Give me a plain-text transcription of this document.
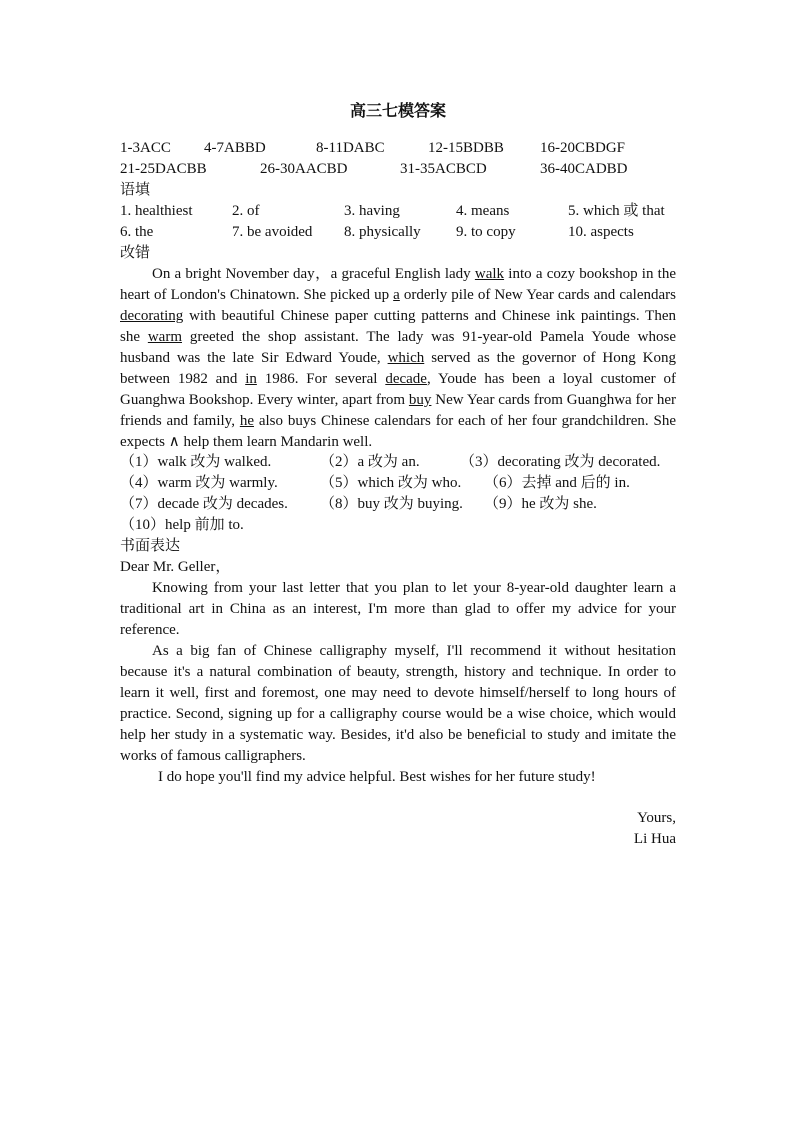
高三七模答案
1-3ACC 4-7ABBD	8-11DABC	12-15BDBB 16-20CBDGF
21-25DACBB	26-30AACBD	31-35ACBCD	36-40CADBD
语填
1. healthiest	2. of	3. having	4. means	5. which 或 that
6. the	7. be avoided 8. physically 9. to copy	10. aspects
改错

On a bright November day，a graceful English lady walk into a cozy bookshop in the heart of London's Chinatown. She picked up a orderly pile of New Year cards and calendars decorating with beautiful Chinese paper cutting patterns and Chinese ink paintings. Then she warm greeted the shop assistant. The lady was 91-year-old Pamela Youde whose husband was the late Sir Edward Youde, which served as the governor of Hong Kong between 1982 and in 1986. For several decade, Youde has been a loyal customer of Guanghwa Bookshop. Every winter, apart from buy New Year cards from Guanghwa for her friends and family, he also buys Chinese calendars for each of her four grandchildren. She expects ∧ help them learn Mandarin well.

（1）walk 改为 walked.	（2）a 改为 an.	（3）decorating 改为 decorated.
（4）warm 改为 warmly.	（5）which 改为 who. （6）去掉 and 后的 in.
（7）decade 改为 decades. （8）buy 改为 buying. （9）he 改为 she.
（10）help 前加 to.
书面表达
Dear Mr. Geller，

Knowing from your last letter that you plan to let your 8-year-old daughter learn a traditional art in China as an interest, I'm more than glad to offer my advice for your reference.

As a big fan of Chinese calligraphy myself, I'll recommend it without hesitation because it's a natural combination of beauty, strength, history and technique. In order to learn it well, first and foremost, one may need to devote himself/herself to long hours of practice. Second, signing up for a calligraphy course would be a wise choice, which would help her study in a systematic way. Besides, it'd also be beneficial to study and imitate the works of famous calligraphers.

I do hope you'll find my advice helpful. Best wishes for her future study!

Yours,
Li Hua
